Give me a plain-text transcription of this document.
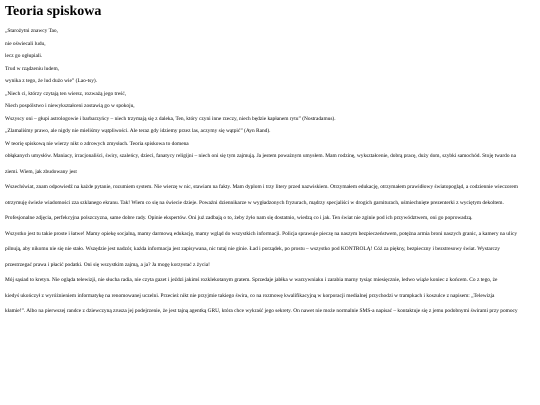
Teoria spiskowa

„Starożytni znawcy Tao,

nie oświecali ludu,

lecz go ogłupiali.

Trud w rządzeniu ludem,

wynika z tego, że lud dużo wie” (Lao-tsy).

„Niech ci, którzy czytają ten wiersz, rozważą jego treść,

Niech pospólstwo i niewykształceni zostawią go w spokoju,

Wszyscy oni – głupi astrologowie i barbarzyńcy – niech trzymają się z daleka, Ten, który czyni inne rzeczy, niech będzie kapłanem rytu” (Nostradamus).

„Zlamaliśmy prawo, ale nigdy nie mieliśmy wątpliwości. Ale teraz gdy idziemy przez las, aczymy się wątpić” (Ayn Rand).

W teorię spiskową nie wierzy nikt o zdrowych zmysłach. Teoria spiskowa to domena

obłąkanych umysłów. Maniacy, irracjonaliści, świry, szaleńcy, dzieci, fanatycy religijni – niech oni się tym zajmują. Ja jestem poważnym umysłem. Mam rodzinę, wykształcenie, dobrą pracę, duży dom, szybki samochód. Stoję twardo na

ziemi. Wiem, jak zbudowany jest

Wszechświat, znam odpowiedź na każde pytanie, rozumiem system. Nie wierzę w nic, stawiam na fakty. Mam dyplom i trzy litery przed nazwiskiem. Otrzymałem edukację, otrzymałem prawidłowy światopogląd, a codziennie wieczorem

otrzymuję świeże wiadomości zza szklanego ekranu. Tak! Wiem co się na świecie dzieje. Poważni dziennikarze w wygładzonych fryzurach, mądrzy specjaliści w drogich garniturach, uśmiechnięte prezenterki z wyciętym dekoltem.

Profesjonalne zdjęcia, perfekcyjna polszczyzna, same dobre rady. Opinie ekspertów. Oni już zadbają o to, żeby żyło nam się dostatnio, wiedzą co i jak. Ten świat nie zginie pod ich przywództwem, oni go poprowadzą.

Wszystko jest tu takie proste i łatwe! Mamy opiekę socjalną, mamy darmową edukację, mamy wgląd do wszystkich informacji. Policja sprawuje pieczę na naszym bezpieczeństwem, potężna armia broni naszych granic, a kamery na ulicy

pilnują, aby nikomu nie się nie stało. Wszędzie jest nadzór, każda informacja jest zapisywana, nic tutaj nie ginie. Ład i porządek, po prostu – wszystko pod KONTROLĄ! Cóż za piękny, bezpieczny i bezstresowy świat. Wystarczy

przestrzegać prawa i płacić podatki. Oni się wszystkim zajmą, a ja? Ja mogę korzystać z życia!

Mój sąsiad to kretyn. Nie ogląda telewizji, nie słucha radia, nie czyta gazet i jeździ jakimś rozklekotanym gratem. Sprzedaje jabłka w warzywniaku i zarabia marny tysiąc miesięcznie, ledwo wiąże koniec z końcem. Co z tego, że

kiedyś ukończył z wyróżnieniem informatykę na renomowanej uczelni. Przecież nikt nie przyjmie takiego świra, co na rozmowę kwalifikacyjną w korporacji medialnej przychodzi w trampkach i koszulce z napisem: „Telewizja

kłamie!”. Albo na pierwszej randce z dziewczyną zrusza jej podejrzenie, że jest tajną agentką GRU, która chce wykraść jego sekrety. On nawet nie może normalnie SMS-a napisać – kontaktuje się z jemu podobnymi świrami przy pomocy
